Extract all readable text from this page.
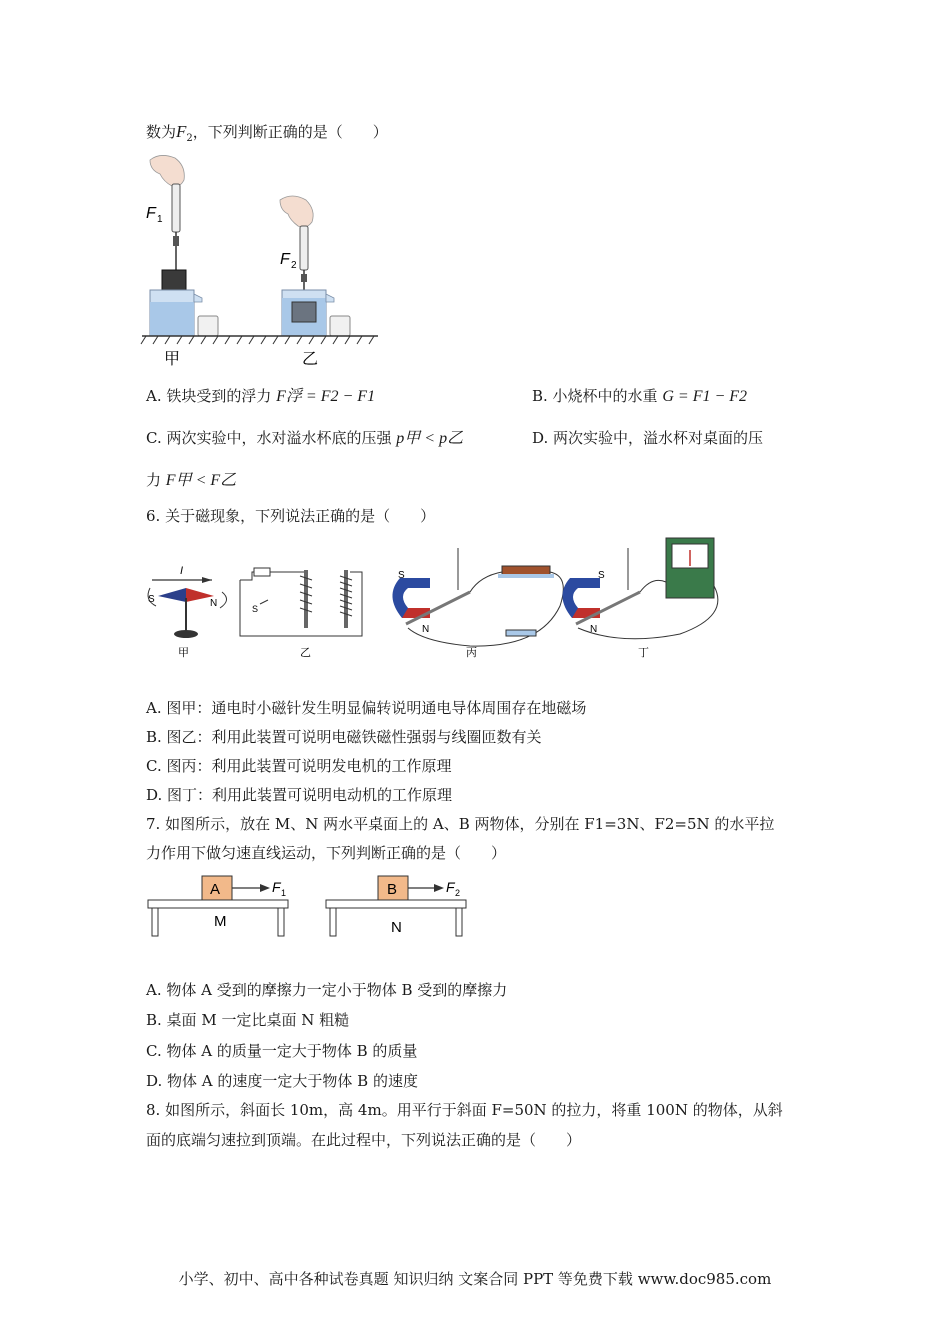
数为$F_2$，下列判断正确的是（　　）
F 1
F 2
甲	乙
A. 铁块受到的浮力 F浮 = F2 − F1	B. 小烧杯中的水重 G = F1 − F2
C. 两次实验中，水对溢水杯底的压强 p甲 < p乙	D. 两次实验中，溢水杯对桌面的压
力 F甲 < F乙
6. 关于磁现象，下列说法正确的是（　　）
I
S	N
甲
S
乙
S
N
丙
S
N
丁
A. 图甲：通电时小磁针发生明显偏转说明通电导体周围存在地磁场
B. 图乙：利用此装置可说明电磁铁磁性强弱与线圈匝数有关
C. 图丙：利用此装置可说明发电机的工作原理
D. 图丁：利用此装置可说明电动机的工作原理
7. 如图所示，放在 M、N 两水平桌面上的 A、B 两物体，分别在 F1=3N、F2=5N 的水平拉
力作用下做匀速直线运动，下列判断正确的是（　　）
A	F 1
M
B	F 2
N
A. 物体 A 受到的摩擦力一定小于物体 B 受到的摩擦力
B. 桌面 M 一定比桌面 N 粗糙
C. 物体 A 的质量一定大于物体 B 的质量
D. 物体 A 的速度一定大于物体 B 的速度
8. 如图所示，斜面长 10m，高 4m。用平行于斜面 F=50N 的拉力，将重 100N 的物体，从斜
面的底端匀速拉到顶端。在此过程中，下列说法正确的是（　　）
小学、初中、高中各种试卷真题 知识归纳 文案合同 PPT 等免费下载 www.doc985.com
